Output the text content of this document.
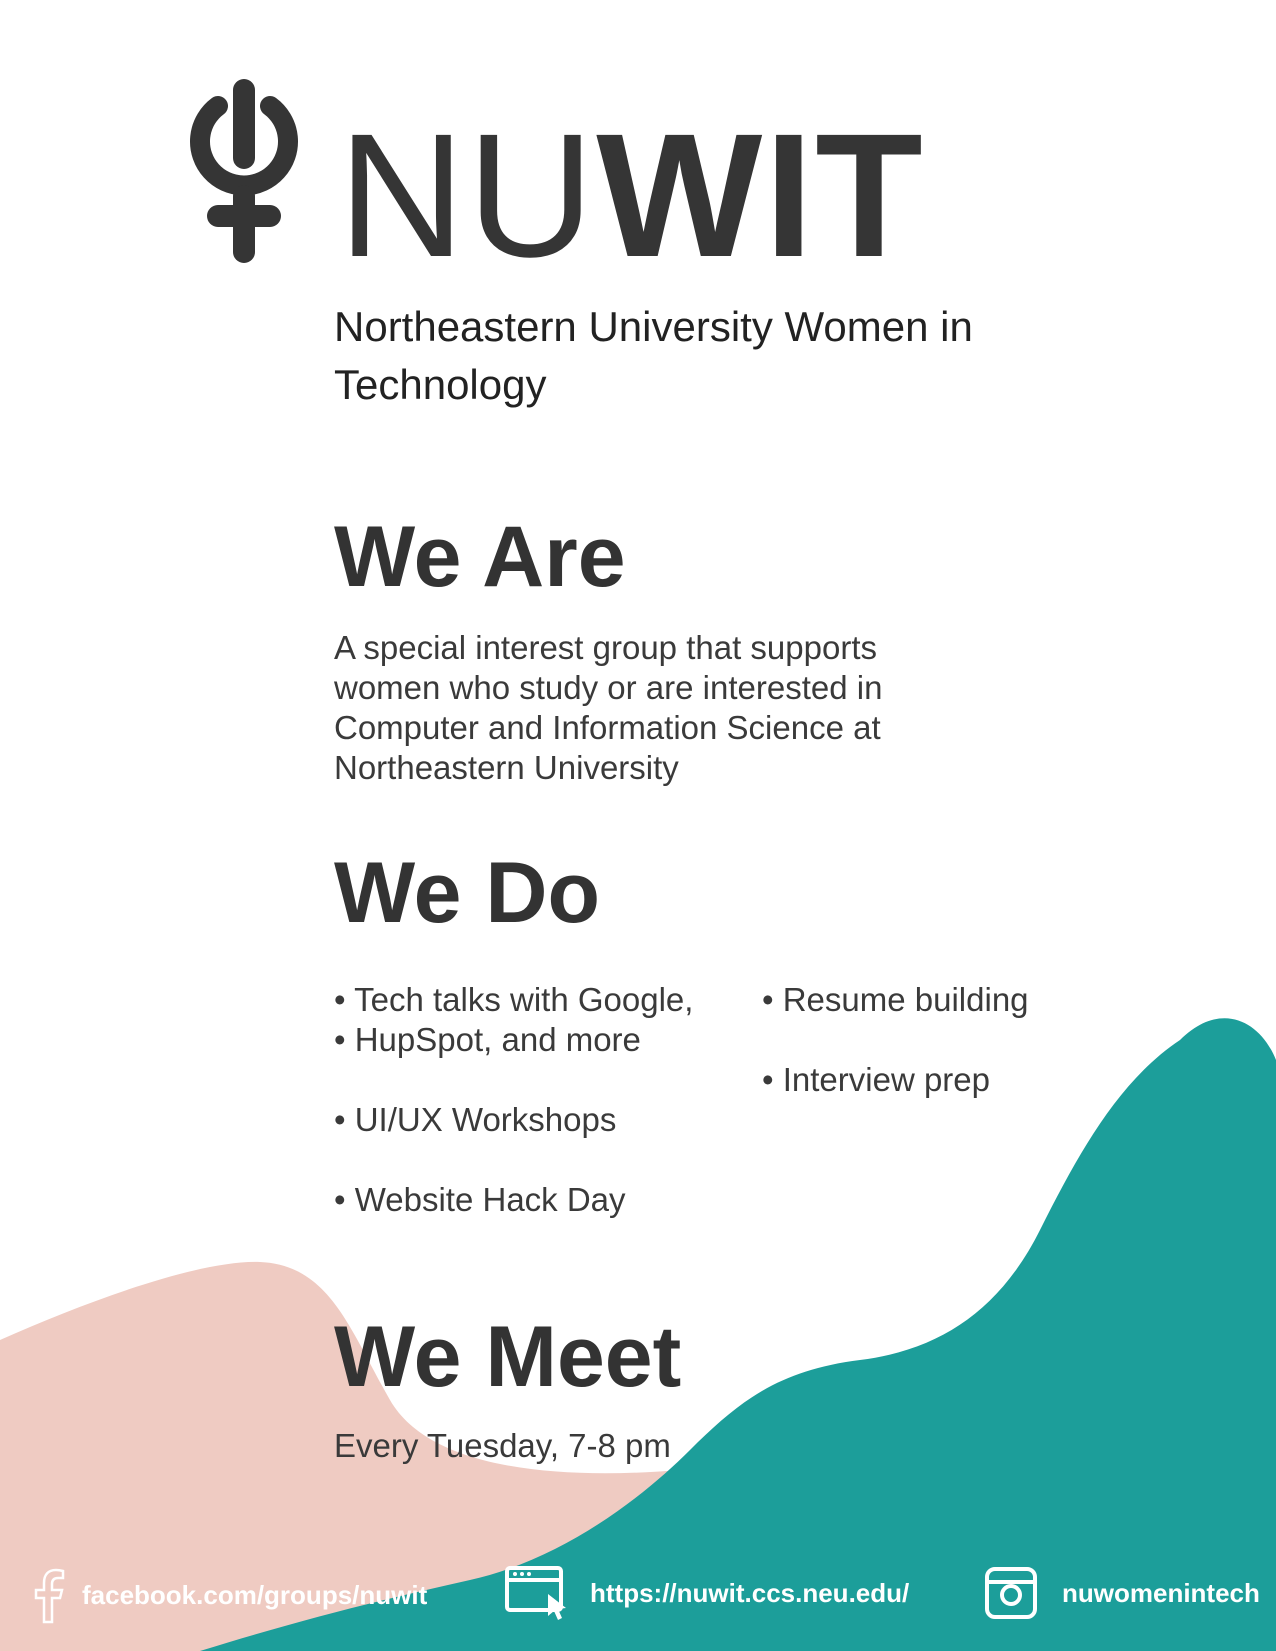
NUWIT
Northeastern University Women in
Technology
We Are
A special interest group that supports
women who study or are interested in
Computer and Information Science at
Northeastern University
We Do
• Tech talks with Google,
• HupSpot, and more
• UI/UX Workshops
• Website Hack Day
• Resume building
• Interview prep
We Meet
Every Tuesday, 7-8 pm
facebook.com/groups/nuwit	https://nuwit.ccs.neu.edu/	nuwomenintech
